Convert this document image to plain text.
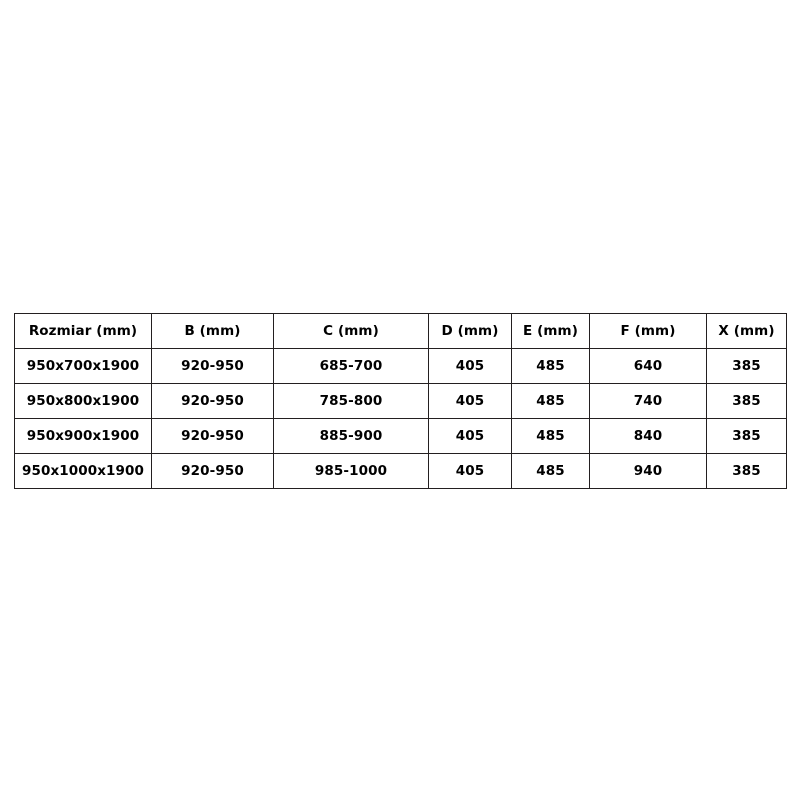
Rozmiar (mm)	B (mm)	C (mm)	D (mm)	E (mm)	F (mm)	X (mm)
950x700x1900	920-950	685-700	405	485	640	385
950x800x1900	920-950	785-800	405	485	740	385
950x900x1900	920-950	885-900	405	485	840	385
950x1000x1900	920-950	985-1000	405	485	940	385
